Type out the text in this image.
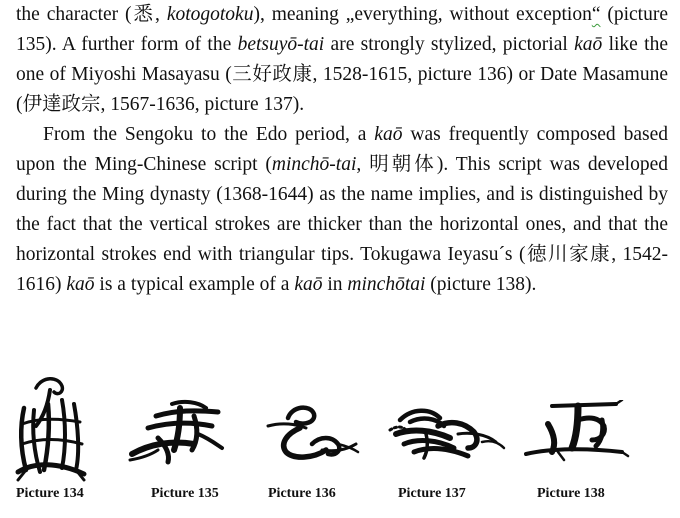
the character (悉, kotogotoku), meaning „everything, without exception“ (picture 135). A further form of the betsuyō-tai are strongly stylized, pictorial kaō like the one of Miyoshi Masayasu (三好政康, 1528-1615, picture 136) or Date Masamune (伊達政宗, 1567-1636, picture 137).

From the Sengoku to the Edo period, a kaō was frequently composed based upon the Ming-Chinese script (minchō-tai, 明朝体). This script was developed during the Ming dynasty (1368-1644) as the name implies, and is distinguished by the fact that the vertical strokes are thicker than the horizontal ones, and that the horizontal strokes end with triangular tips. Tokugawa Ieyasu´s (徳川家康, 1542-1616) kaō is a typical example of a kaō in minchōtai (picture 138).

Picture 134	Picture 135	Picture 136	Picture 137	Picture 138
